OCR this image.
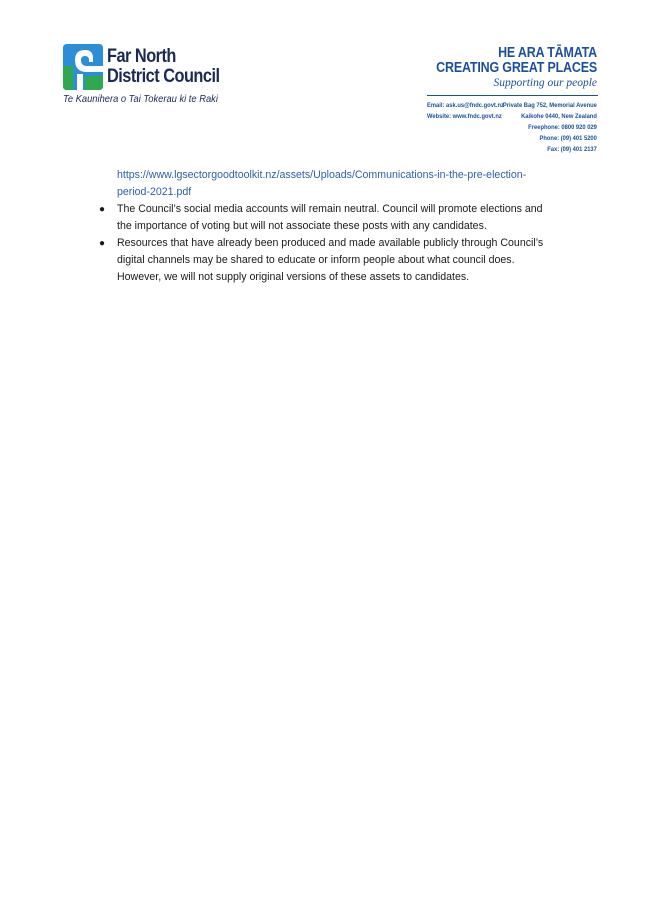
Far North
District Council
Te Kaunihera o Tai Tokerau ki te Raki
HE ARA TĀMATA
CREATING GREAT PLACES
Supporting our people
Email: ask.us@fndc.govt.nz
Website: www.fndc.govt.nz
Private Bag 752, Memorial Avenue
Kaikohe 0440, New Zealand
Freephone: 0800 920 029
Phone: (09) 401 5200
Fax: (09) 401 2137
https://www.lgsectorgoodtoolkit.nz/assets/Uploads/Communications-in-the-pre-election-
period-2021.pdf
● The Council’s social media accounts will remain neutral. Council will promote elections and
the importance of voting but will not associate these posts with any candidates.
● Resources that have already been produced and made available publicly through Council’s
digital channels may be shared to educate or inform people about what council does.
However, we will not supply original versions of these assets to candidates.
